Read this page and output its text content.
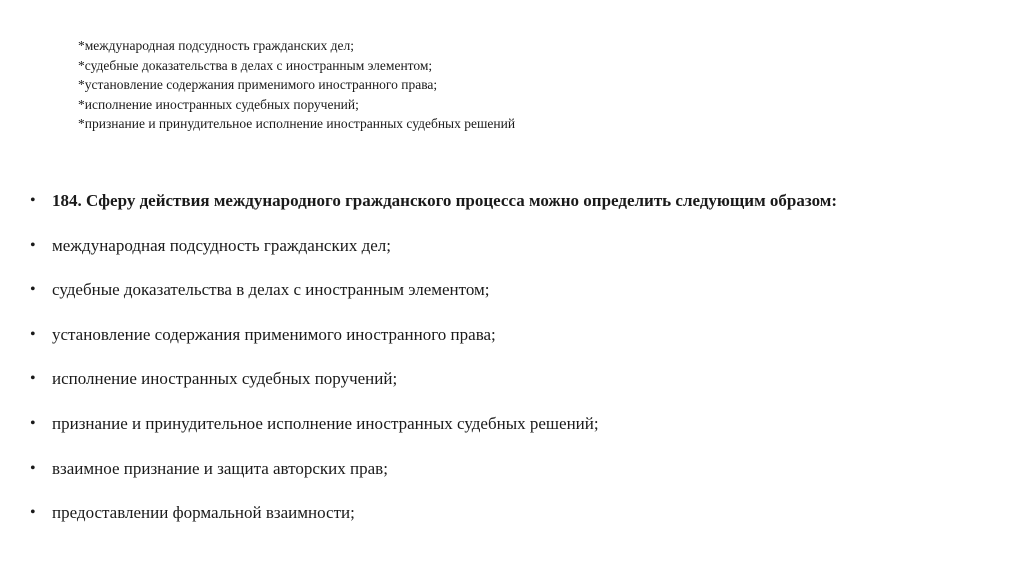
*международная подсудность гражданских дел;
*судебные доказательства в делах с иностранным элементом;
*установление содержания применимого иностранного права;
*исполнение иностранных судебных поручений;
*признание и принудительное исполнение иностранных судебных решений
• 184. Сферу действия международного гражданского процесса можно определить следующим образом:
• международная подсудность гражданских дел;
• судебные доказательства в делах с иностранным элементом;
• установление содержания применимого иностранного права;
• исполнение иностранных судебных поручений;
• признание и принудительное исполнение иностранных судебных решений;
• взаимное признание и защита авторских прав;
• предоставлении формальной взаимности;
